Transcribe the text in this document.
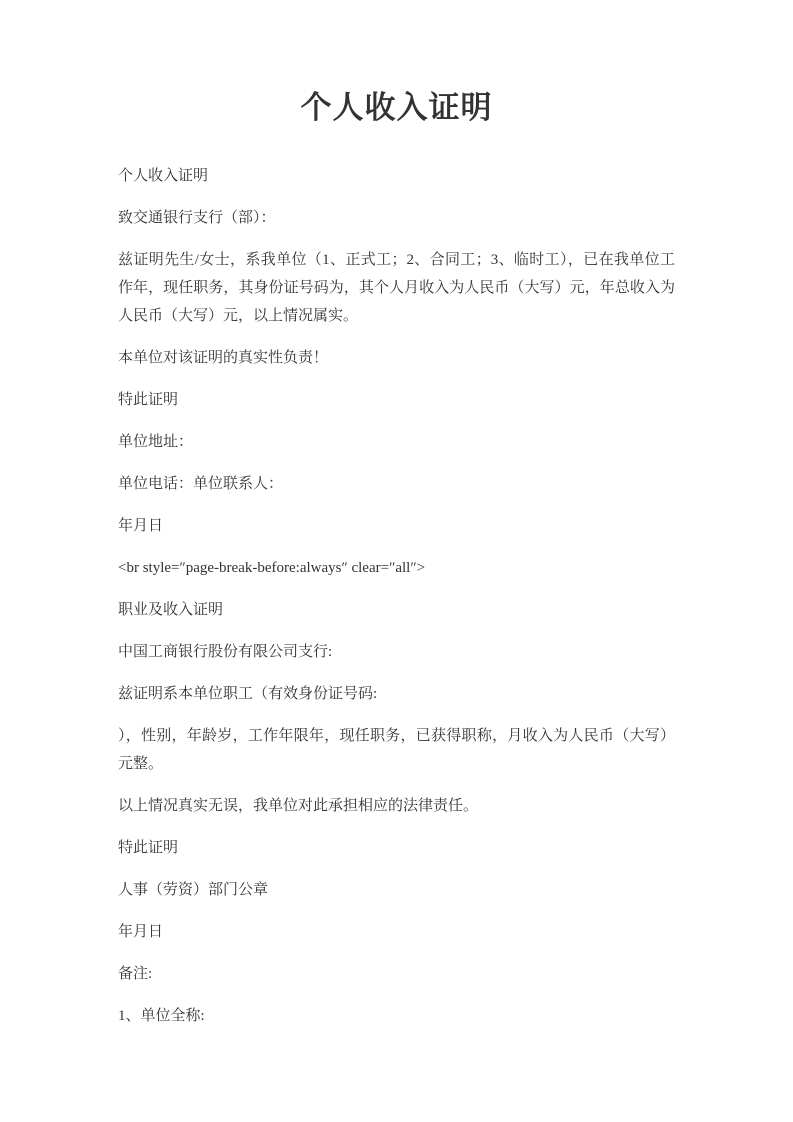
个人收入证明

个人收入证明

致交通银行支行（部）：

兹证明先生/女士，系我单位（1、正式工；2、合同工；3、临时工），已在我单位工作年，现任职务，其身份证号码为，其个人月收入为人民币（大写）元，年总收入为人民币（大写）元，以上情况属实。

本单位对该证明的真实性负责！

特此证明

单位地址：

单位电话：单位联系人：

年月日

<br style=″page-break-before:always″ clear=″all″>

职业及收入证明

中国工商银行股份有限公司支行:

兹证明系本单位职工（有效身份证号码:

），性别，年龄岁，工作年限年，现任职务，已获得职称，月收入为人民币（大写）元整。

以上情况真实无误，我单位对此承担相应的法律责任。

特此证明

人事（劳资）部门公章

年月日

备注:

1、单位全称:
